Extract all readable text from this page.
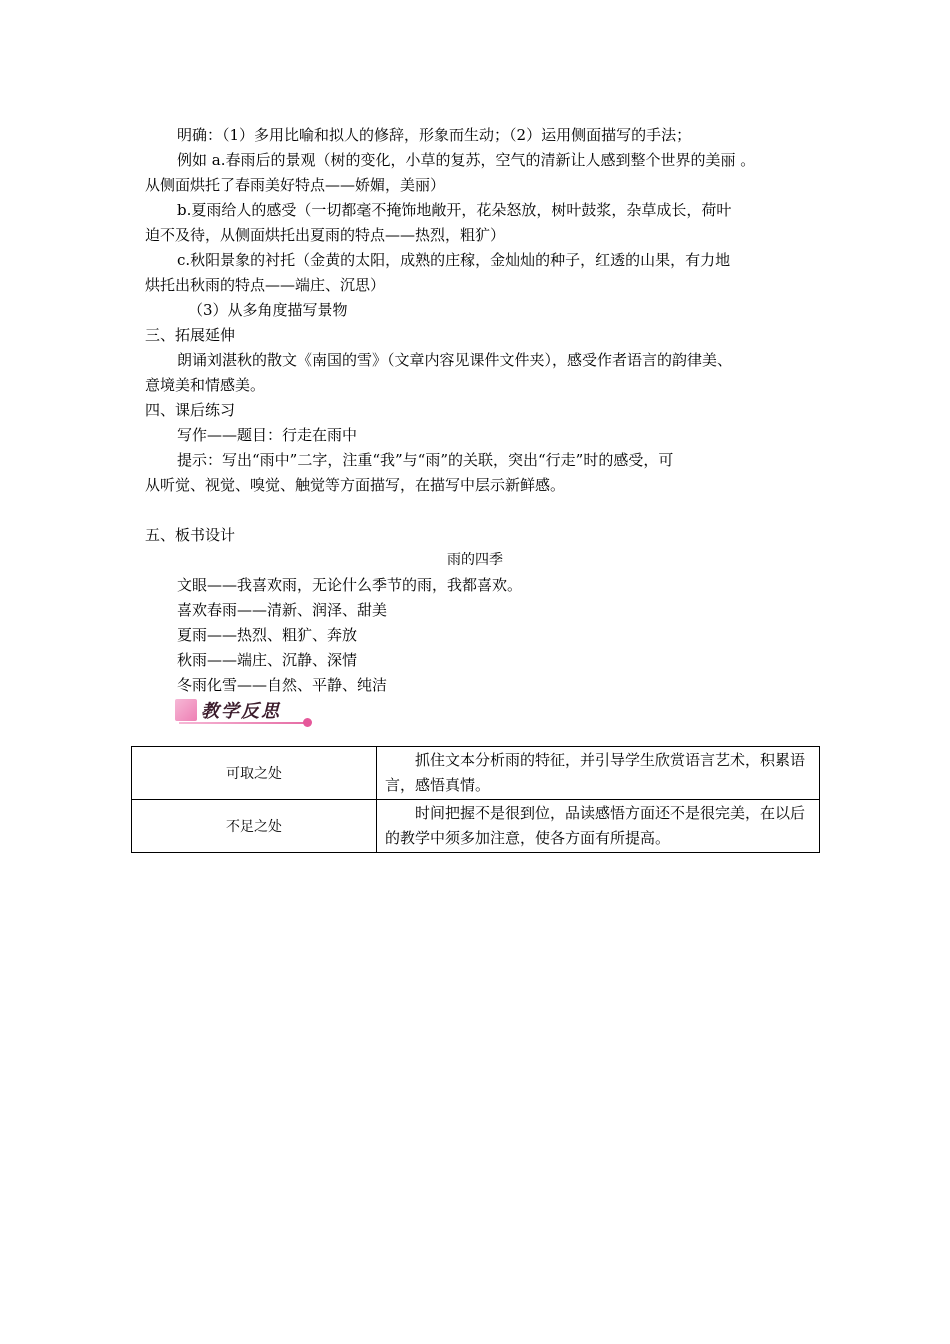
明确：（1）多用比喻和拟人的修辞，形象而生动；（2）运用侧面描写的手法；
例如 a.春雨后的景观（树的变化，小草的复苏，空气的清新让人感到整个世界的美丽 。
从侧面烘托了春雨美好特点——娇媚，美丽）
b.夏雨给人的感受（一切都毫不掩饰地敞开，花朵怒放，树叶鼓浆，杂草成长，荷叶
迫不及待，从侧面烘托出夏雨的特点——热烈，粗犷）
c.秋阳景象的衬托（金黄的太阳，成熟的庄稼，金灿灿的种子，红透的山果，有力地
烘托出秋雨的特点——端庄、沉思）
（3）从多角度描写景物
三、拓展延伸
朗诵刘湛秋的散文《南国的雪》（文章内容见课件文件夹），感受作者语言的韵律美、
意境美和情感美。
四、课后练习
写作——题目：行走在雨中
提示：写出“雨中”二字，注重“我”与“雨”的关联，突出“行走”时的感受，可
从听觉、视觉、嗅觉、触觉等方面描写，在描写中层示新鲜感。
五、板书设计
雨的四季
文眼——我喜欢雨，无论什么季节的雨，我都喜欢。
喜欢春雨——清新、润泽、甜美
夏雨——热烈、粗犷、奔放
秋雨——端庄、沉静、深情
冬雨化雪——自然、平静、纯洁
教学反思
可取之处	抓住文本分析雨的特征，并引导学生欣赏语言艺术，积累语言，感悟真情。
不足之处	时间把握不是很到位，品读感悟方面还不是很完美，在以后的教学中须多加注意，使各方面有所提高。
